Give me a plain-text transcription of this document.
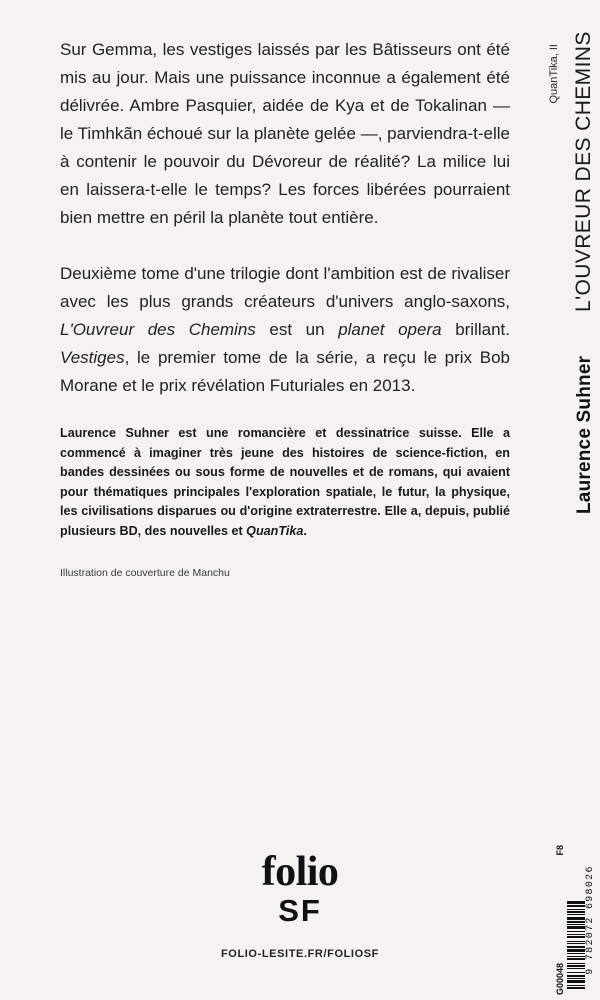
Sur Gemma, les vestiges laissés par les Bâtisseurs ont été mis au jour. Mais une puissance inconnue a également été délivrée. Ambre Pasquier, aidée de Kya et de Tokalinan — le Timhkãn échoué sur la planète gelée —, parviendra-t-elle à contenir le pouvoir du Dévoreur de réalité? La milice lui en laissera-t-elle le temps? Les forces libérées pourraient bien mettre en péril la planète tout entière.

Deuxième tome d'une trilogie dont l'ambition est de rivaliser avec les plus grands créateurs d'univers anglo-saxons, L'Ouvreur des Chemins est un planet opera brillant. Vestiges, le premier tome de la série, a reçu le prix Bob Morane et le prix révélation Futuriales en 2013.

Laurence Suhner est une romancière et dessinatrice suisse. Elle a commencé à imaginer très jeune des histoires de science-fiction, en bandes dessinées ou sous forme de nouvelles et de romans, qui avaient pour thématiques principales l'exploration spatiale, le futur, la physique, les civilisations disparues ou d'origine extraterrestre. Elle a, depuis, publié plusieurs BD, des nouvelles et QuanTika.

Illustration de couverture de Manchu
Laurence Suhner
L'OUVREUR DES CHEMINS
QuanTika, II
folio
SF
FOLIO-LESITE.FR/FOLIOSF
G00048
F8
9 782072 698026
